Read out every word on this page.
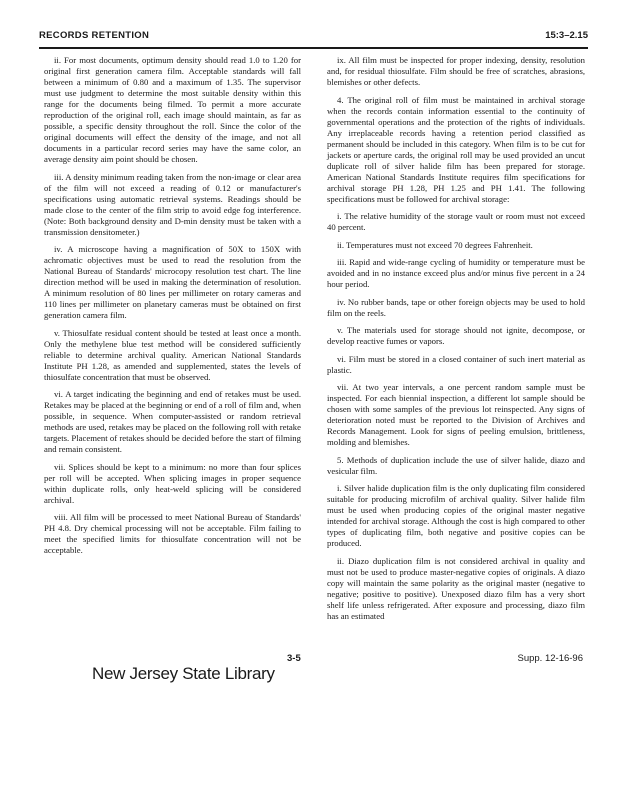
RECORDS RETENTION	15:3–2.15

ii. For most documents, optimum density should read 1.0 to 1.20 for original first generation camera film. Acceptable standards will fall between a minimum of 0.80 and a maximum of 1.35. The supervisor must use judgment to determine the most suitable density within this range for the documents being filmed. To permit a more accurate reproduction of the original roll, each image should maintain, as far as possible, a specific density throughout the roll. Since the color of the original documents will effect the density of the image, and not all documents in a particular record series may have the same color, an average density aim point should be chosen.

iii. A density minimum reading taken from the non-image or clear area of the film will not exceed a reading of 0.12 or manufacturer's specifications using automatic retrieval systems. Readings should be made close to the center of the film strip to avoid edge fog interference. (Note: Both background density and D-min density must be taken with a transmission densitometer.)

iv. A microscope having a magnification of 50X to 150X with achromatic objectives must be used to read the resolution from the National Bureau of Standards' microcopy resolution test chart. The line direction method will be used in making the determination of resolution. A minimum resolution of 80 lines per millimeter on rotary cameras and 110 lines per millimeter on planetary cameras must be obtained on first generation camera film.

v. Thiosulfate residual content should be tested at least once a month. Only the methylene blue test method will be considered sufficiently reliable to determine archival quality. American National Standards Institute PH 1.28, as amended and supplemented, states the levels of thiosulfate concentration that must be observed.

vi. A target indicating the beginning and end of retakes must be used. Retakes may be placed at the beginning or end of a roll of film and, when possible, in sequence. When computer-assisted or random retrieval methods are used, retakes may be placed on the following roll with retake targets. Placement of retakes should be decided before the start of filming and remain consistent.

vii. Splices should be kept to a minimum: no more than four splices per roll will be accepted. When splicing images in proper sequence within duplicate rolls, only heat-weld splicing will be considered archival.

viii. All film will be processed to meet National Bureau of Standards' PH 4.8. Dry chemical processing will not be acceptable. Film failing to meet the specified limits for thiosulfate concentration will not be acceptable.

ix. All film must be inspected for proper indexing, density, resolution and, for residual thiosulfate. Film should be free of scratches, abrasions, blemishes or other defects.

4. The original roll of film must be maintained in archival storage when the records contain information essential to the continuity of governmental operations and the protection of the rights of individuals. Any irreplaceable records having a retention period classified as permanent should be included in this category. When film is to be cut for jackets or aperture cards, the original roll may be used provided an uncut duplicate roll of silver halide film has been prepared for storage. American National Standards Institute requires film specifications for archival storage PH 1.28, PH 1.25 and PH 1.41. The following specifications must be followed for archival storage:

i. The relative humidity of the storage vault or room must not exceed 40 percent.

ii. Temperatures must not exceed 70 degrees Fahrenheit.

iii. Rapid and wide-range cycling of humidity or temperature must be avoided and in no instance exceed plus and/or minus five percent in a 24 hour period.

iv. No rubber bands, tape or other foreign objects may be used to hold film on the reels.

v. The materials used for storage should not ignite, decompose, or develop reactive fumes or vapors.

vi. Film must be stored in a closed container of such inert material as plastic.

vii. At two year intervals, a one percent random sample must be inspected. For each biennial inspection, a different lot sample should be chosen with some samples of the previous lot reinspected. Any signs of deterioration noted must be reported to the Division of Archives and Records Management. Look for signs of peeling emulsion, brittleness, molding and blemishes.

5. Methods of duplication include the use of silver halide, diazo and vesicular film.

i. Silver halide duplication film is the only duplicating film considered suitable for producing microfilm of archival quality. Silver halide film must be used when producing copies of the original master negative intended for archival storage. Although the cost is high compared to other types of duplicating film, both negative and positive copies can be produced.

ii. Diazo duplication film is not considered archival in quality and must not be used to produce master-negative copies of originals. A diazo copy will maintain the same polarity as the original master (negative to negative; positive to positive). Unexposed diazo film has a very short shelf life unless refrigerated. After exposure and processing, diazo film has an estimated

3-5	Supp. 12-16-96
New Jersey State Library
